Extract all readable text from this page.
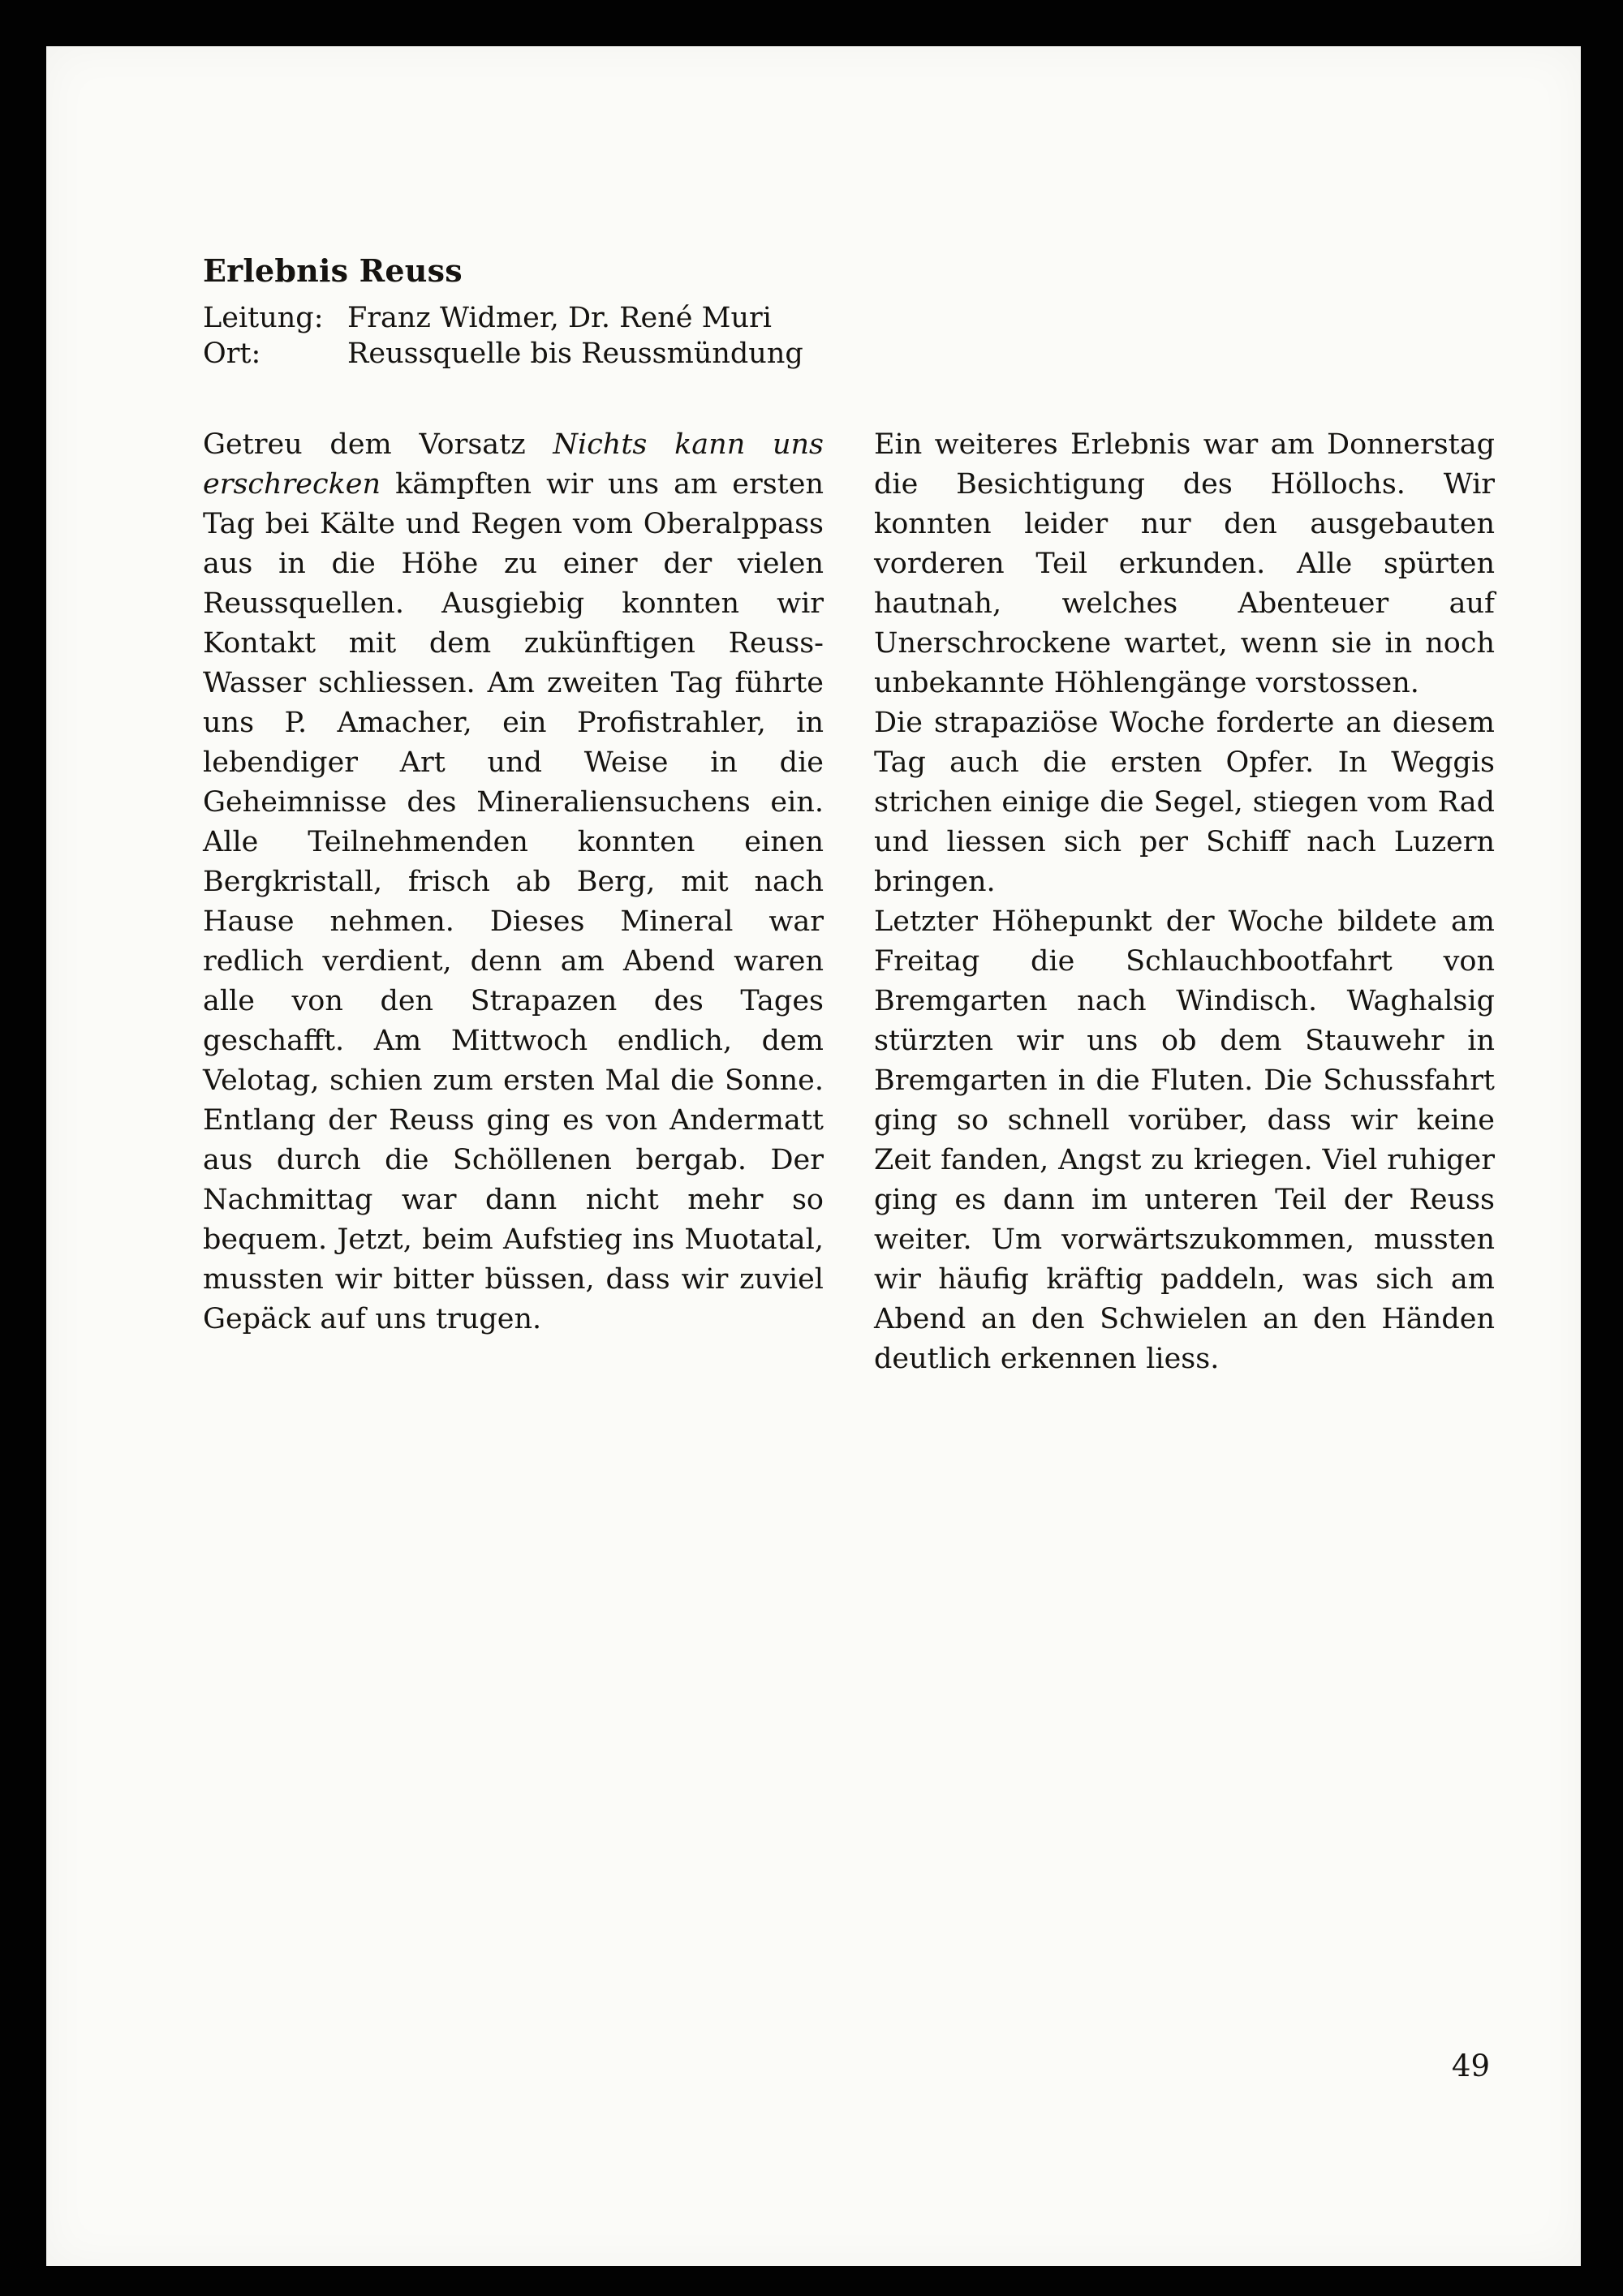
Erlebnis Reuss
Leitung: Franz Widmer, Dr. René Muri
Ort:	Reussquelle bis Reussmündung

Getreu dem Vorsatz Nichts kann uns erschrecken kämpften wir uns am ersten Tag bei Kälte und Regen vom Oberalppass aus in die Höhe zu einer der vielen Reussquellen. Ausgiebig konnten wir Kontakt mit dem zukünftigen Reuss-Wasser schliessen. Am zweiten Tag führte uns P. Amacher, ein Profistrahler, in lebendiger Art und Weise in die Geheimnisse des Mineraliensuchens ein. Alle Teilnehmenden konnten einen Bergkristall, frisch ab Berg, mit nach Hause nehmen. Dieses Mineral war redlich verdient, denn am Abend waren alle von den Strapazen des Tages geschafft. Am Mittwoch endlich, dem Velotag, schien zum ersten Mal die Sonne. Entlang der Reuss ging es von Andermatt aus durch die Schöllenen bergab. Der Nachmittag war dann nicht mehr so bequem. Jetzt, beim Aufstieg ins Muotatal, mussten wir bitter büssen, dass wir zuviel Gepäck auf uns trugen.

Ein weiteres Erlebnis war am Donnerstag die Besichtigung des Höllochs. Wir konnten leider nur den ausgebauten vorderen Teil erkunden. Alle spürten hautnah, welches Abenteuer auf Unerschrockene wartet, wenn sie in noch unbekannte Höhlengänge vorstossen.

Die strapaziöse Woche forderte an diesem Tag auch die ersten Opfer. In Weggis strichen einige die Segel, stiegen vom Rad und liessen sich per Schiff nach Luzern bringen.

Letzter Höhepunkt der Woche bildete am Freitag die Schlauchbootfahrt von Bremgarten nach Windisch. Waghalsig stürzten wir uns ob dem Stauwehr in Bremgarten in die Fluten. Die Schussfahrt ging so schnell vorüber, dass wir keine Zeit fanden, Angst zu kriegen. Viel ruhiger ging es dann im unteren Teil der Reuss weiter. Um vorwärtszukommen, mussten wir häufig kräftig paddeln, was sich am Abend an den Schwielen an den Händen deutlich erkennen liess.

49
